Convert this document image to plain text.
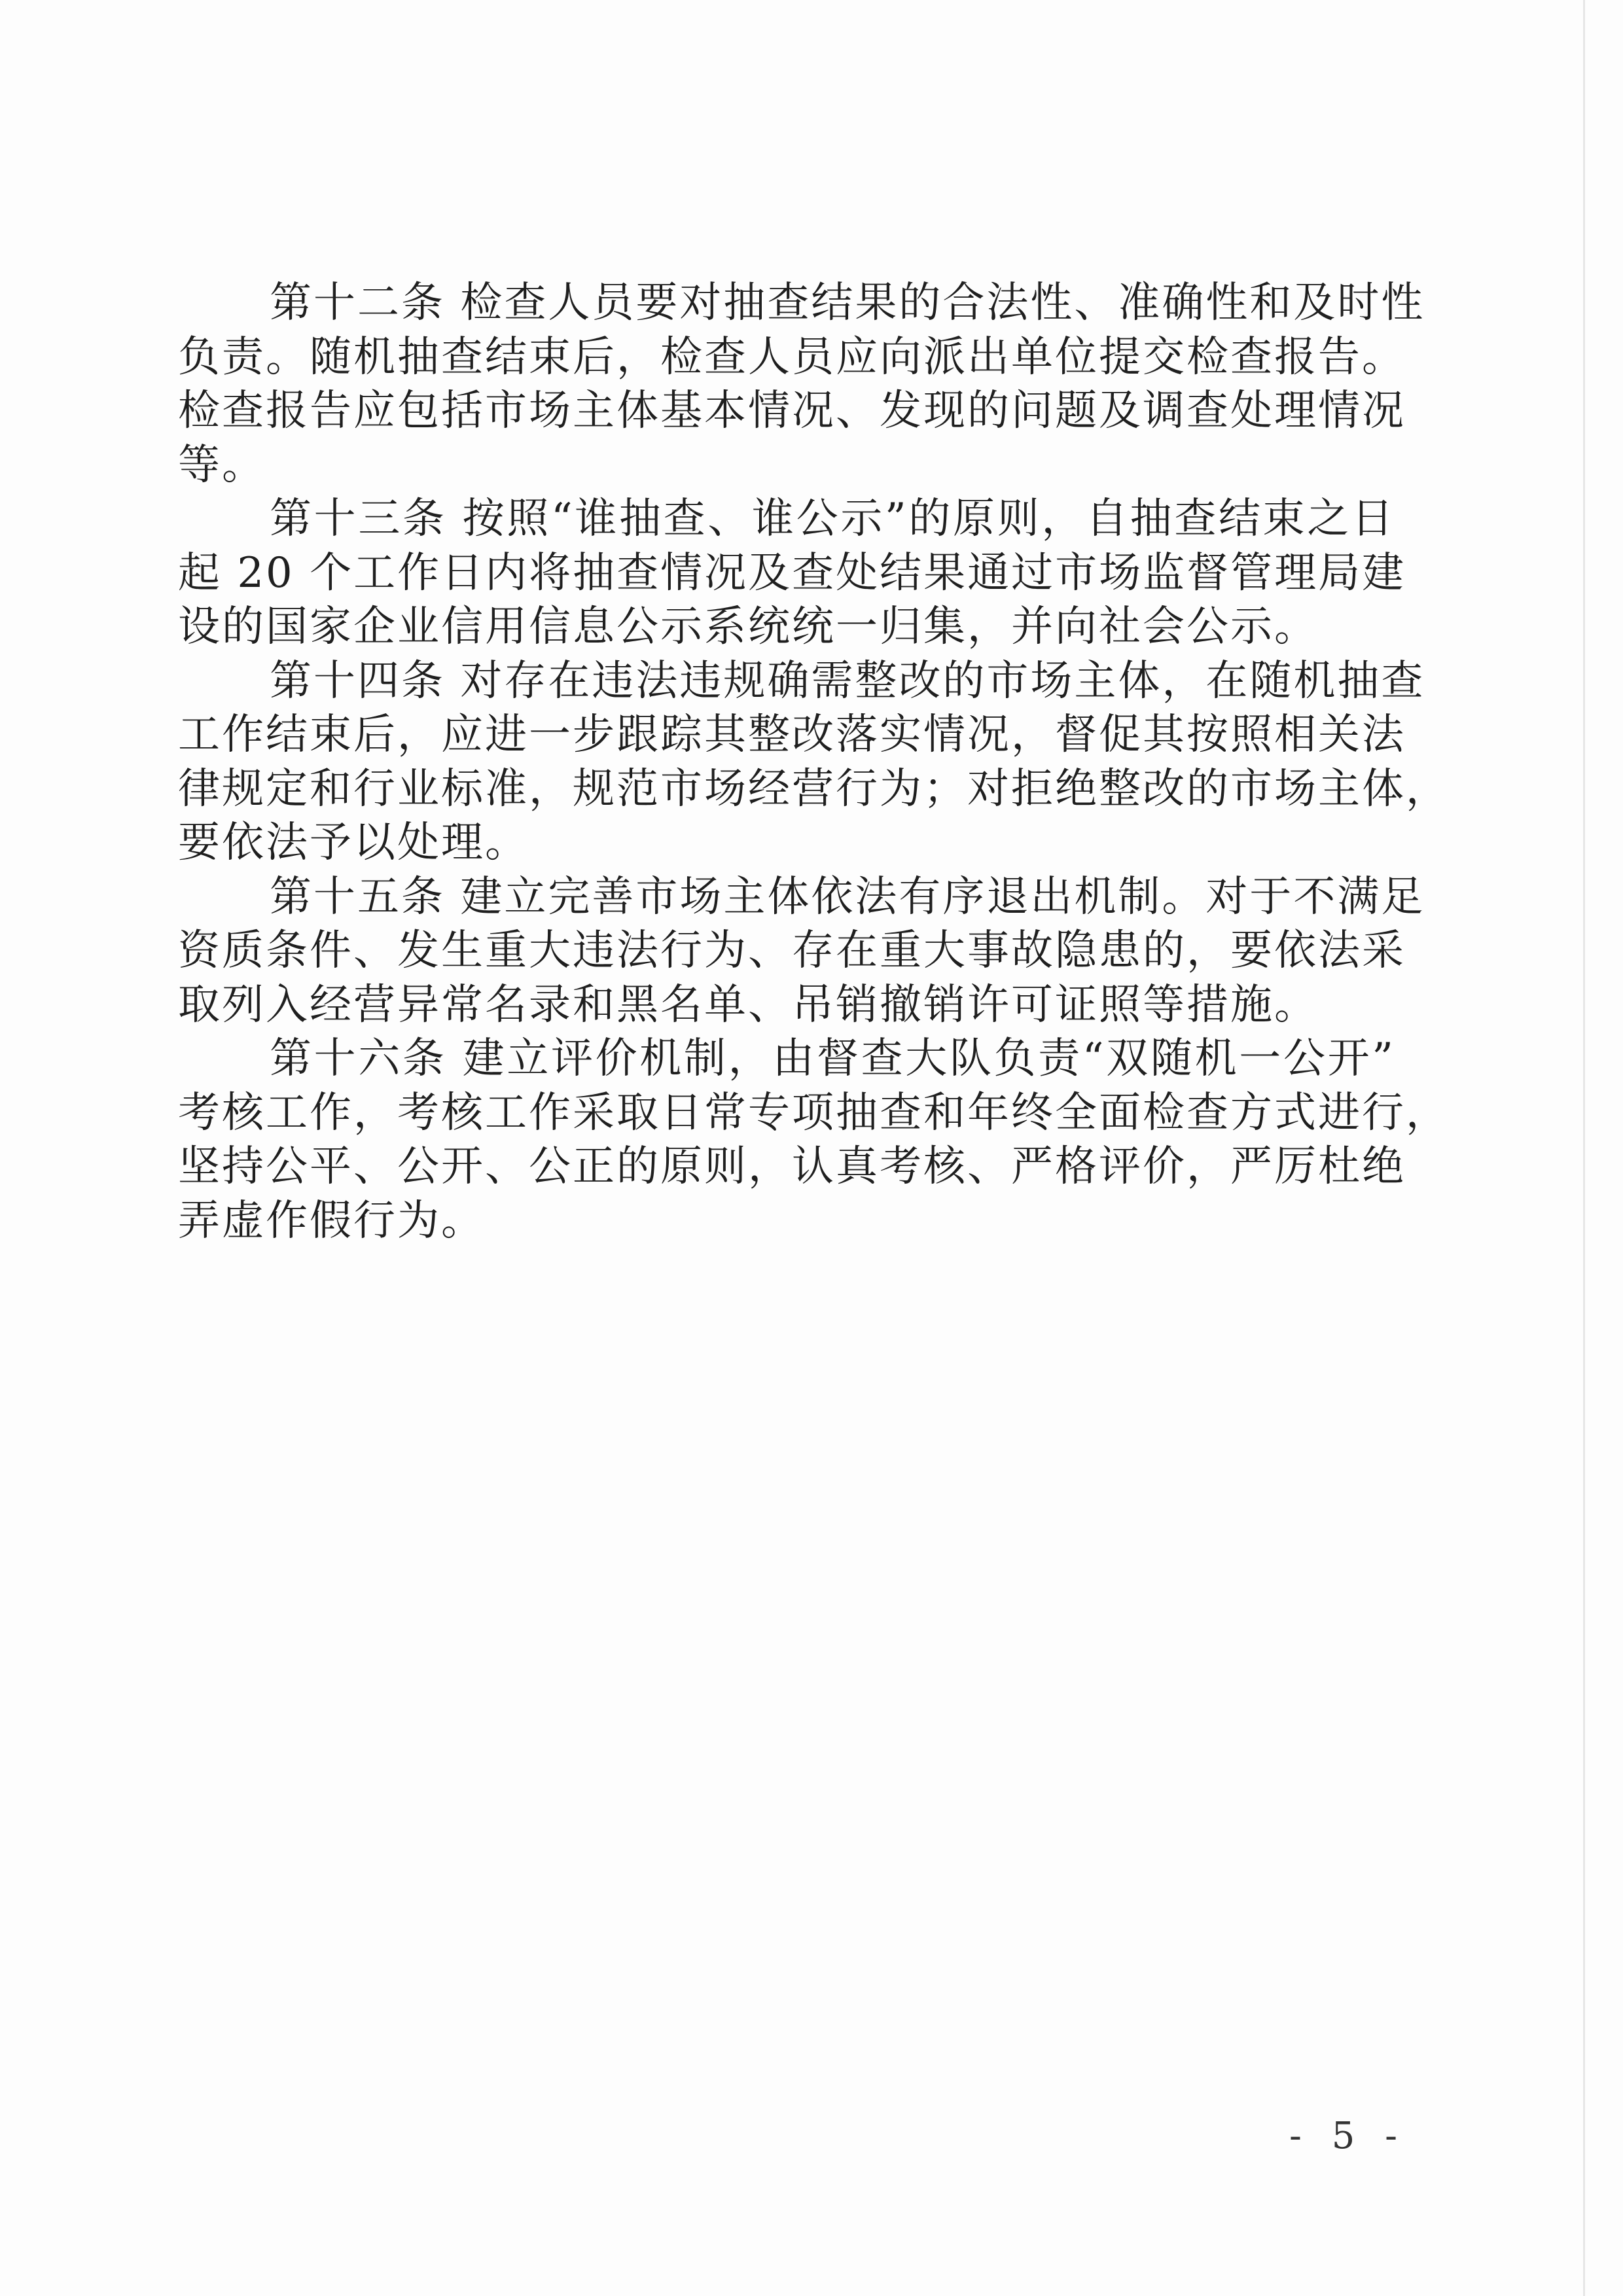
第十二条 检查人员要对抽查结果的合法性、准确性和及时性
负责。随机抽查结束后，检查人员应向派出单位提交检查报告。
检查报告应包括市场主体基本情况、发现的问题及调查处理情况
等。
第十三条 按照“谁抽查、谁公示”的原则，自抽查结束之日
起 20 个工作日内将抽查情况及查处结果通过市场监督管理局建
设的国家企业信用信息公示系统统一归集，并向社会公示。
第十四条 对存在违法违规确需整改的市场主体，在随机抽查
工作结束后，应进一步跟踪其整改落实情况，督促其按照相关法
律规定和行业标准，规范市场经营行为；对拒绝整改的市场主体，
要依法予以处理。
第十五条 建立完善市场主体依法有序退出机制。对于不满足
资质条件、发生重大违法行为、存在重大事故隐患的，要依法采
取列入经营异常名录和黑名单、吊销撤销许可证照等措施。
第十六条 建立评价机制，由督查大队负责“双随机一公开”
考核工作，考核工作采取日常专项抽查和年终全面检查方式进行，
坚持公平、公开、公正的原则，认真考核、严格评价，严厉杜绝
弄虚作假行为。
- 5 -
